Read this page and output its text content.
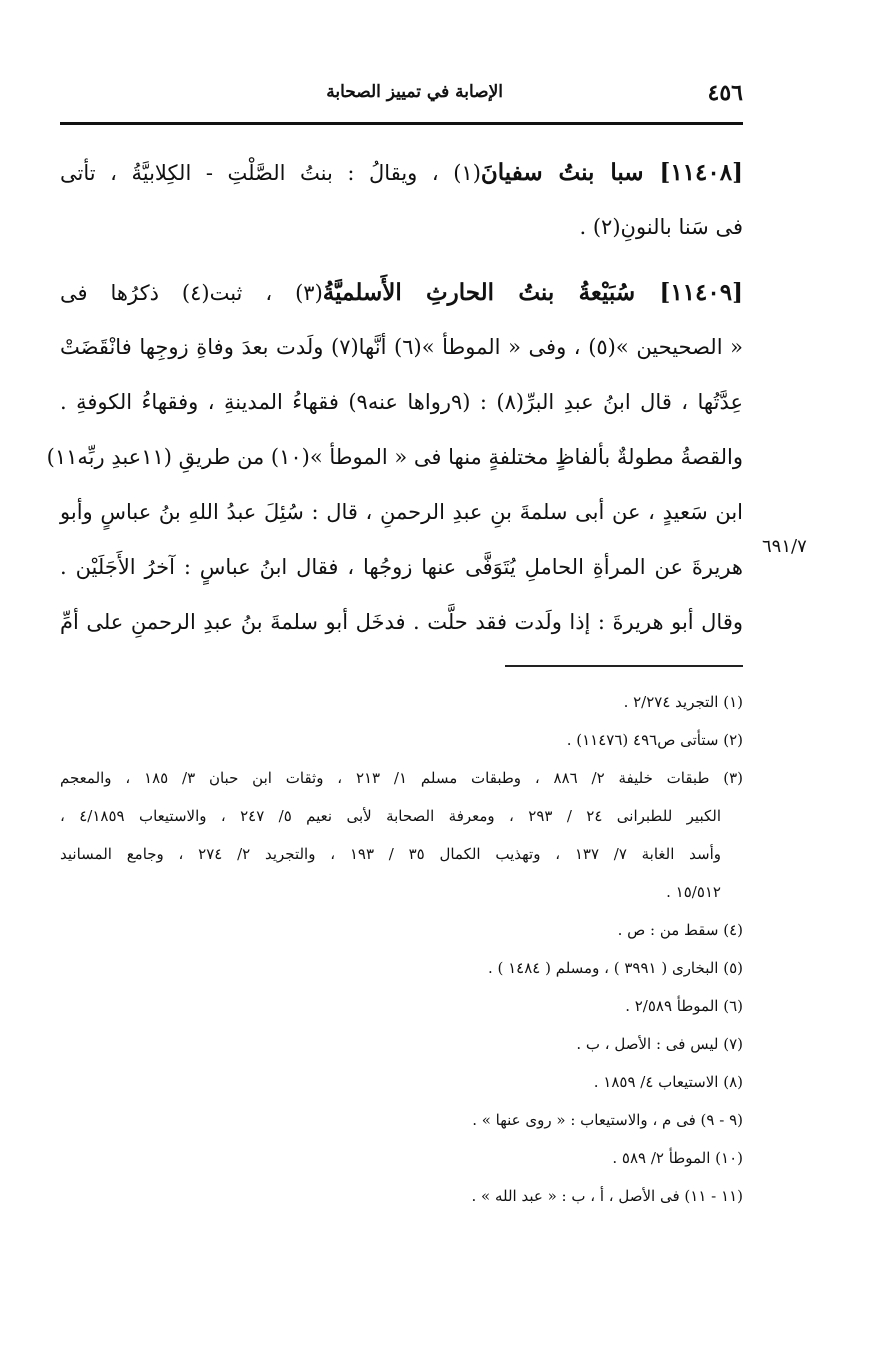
الإصابة في تمييز الصحابة	٤٥٦
[١١٤٠٨] سبا بنتُ سفيانَ(١) ، ويقالُ : بنتُ الصَّلْتِ - الكِلابيَّةُ ، تأتى
فى سَنا بالنونِ(٢) .
[١١٤٠٩] سُبَيْعةُ بنتُ الحارثِ الأَسلميَّةُ(٣) ، ثبت(٤) ذكرُها فى
« الصحيحين »(٥) ، وفى « الموطأ »(٦) أنَّها(٧) ولَدت بعدَ وفاةِ زوجِها فانْقَضَتْ
عِدَّتُها ، قال ابنُ عبدِ البرِّ(٨) : (٩رواها عنه٩) فقهاءُ المدينةِ ، وفقهاءُ الكوفةِ .
والقصةُ مطولةٌ بألفاظٍ مختلفةٍ منها فى « الموطأ »(١٠) من طريقِ (١١عبدِ ربِّه١١)
ابن سَعيدٍ ، عن أبى سلمةَ بنِ عبدِ الرحمنِ ، قال : سُئِلَ عبدُ اللهِ بنُ عباسٍ وأبو
هريرةَ عن المرأةِ الحاملِ يُتَوَفَّى عنها زوجُها ، فقال ابنُ عباسٍ : آخرُ الأَجَلَيْن .
وقال أبو هريرةَ : إذا ولَدت فقد حلَّت . فدخَل أبو سلمةَ بنُ عبدِ الرحمنِ على أمِّ
٦٩١/٧
(١) التجريد ٢/٢٧٤ .
(٢) ستأتى ص٤٩٦ (١١٤٧٦) .
(٣) طبقات خليفة ٢/ ٨٨٦ ، وطبقات مسلم ١/ ٢١٣ ، وثقات ابن حبان ٣/ ١٨٥ ، والمعجم
الكبير للطبرانى ٢٤ / ٢٩٣ ، ومعرفة الصحابة لأبى نعيم ٥/ ٢٤٧ ، والاستيعاب ٤/١٨٥٩ ،
وأسد الغابة ٧/ ١٣٧ ، وتهذيب الكمال ٣٥ / ١٩٣ ، والتجريد ٢/ ٢٧٤ ، وجامع المسانيد
١٥/٥١٢ .
(٤) سقط من : ص .
(٥) البخارى ( ٣٩٩١ ) ، ومسلم ( ١٤٨٤ ) .
(٦) الموطأ ٢/٥٨٩ .
(٧) ليس فى : الأصل ، ب .
(٨) الاستيعاب ٤/ ١٨٥٩ .
(٩ - ٩) فى م ، والاستيعاب : « روى عنها » .
(١٠) الموطأ ٢/ ٥٨٩ .
(١١ - ١١) فى الأصل ، أ ، ب : « عبد الله » .
